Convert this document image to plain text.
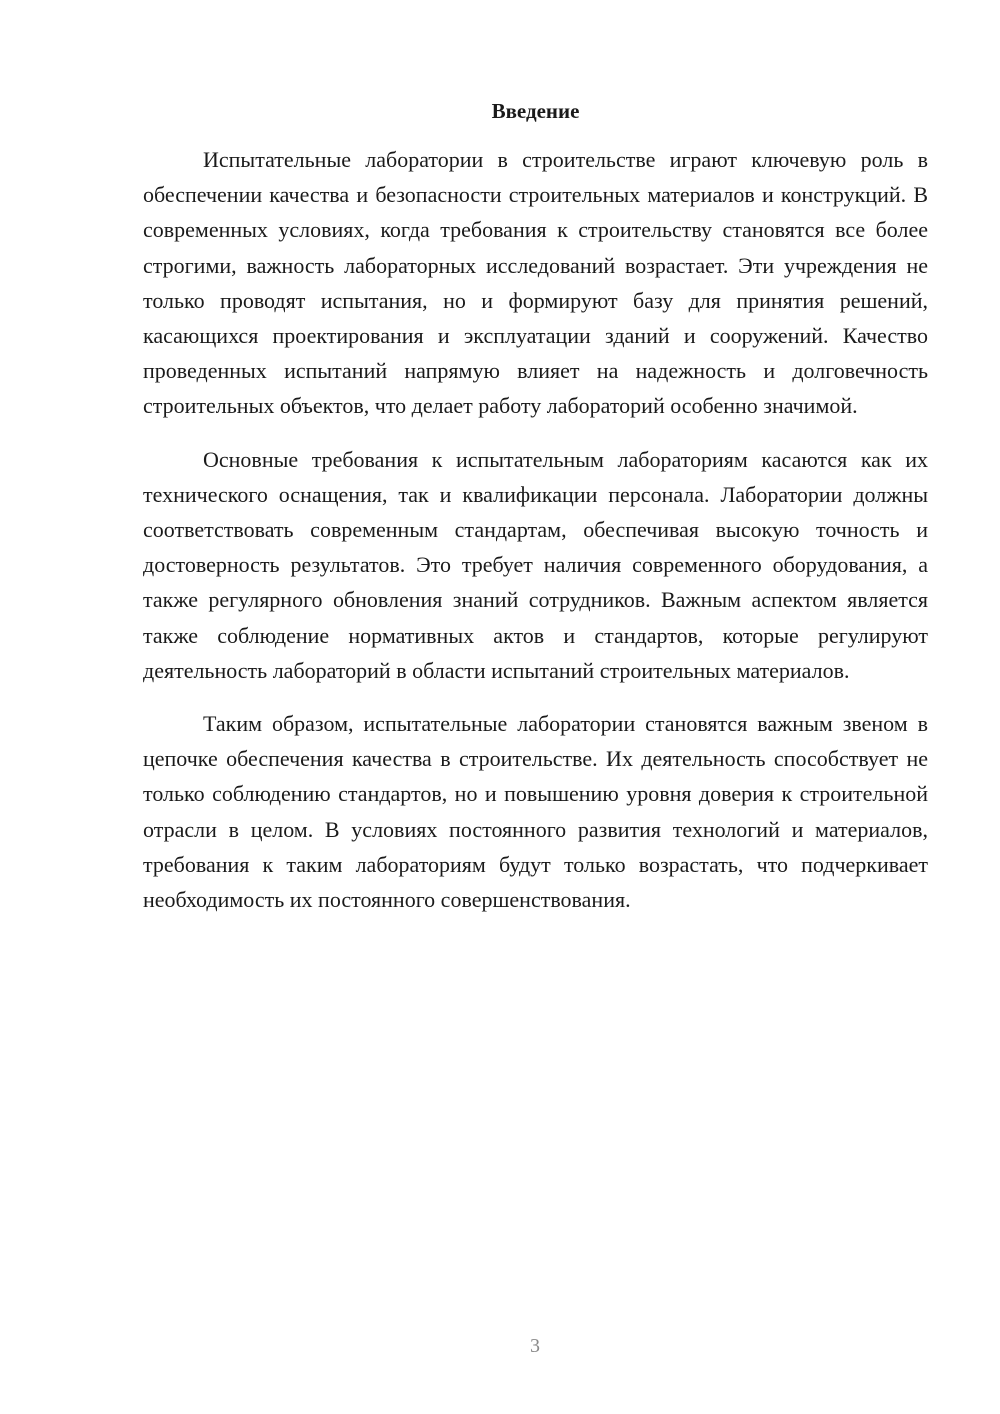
Введение

Испытательные лаборатории в строительстве играют ключевую роль в обеспечении качества и безопасности строительных материалов и конструкций. В современных условиях, когда требования к строительству становятся все более строгими, важность лабораторных исследований возрастает. Эти учреждения не только проводят испытания, но и формируют базу для принятия решений, касающихся проектирования и эксплуатации зданий и сооружений. Качество проведенных испытаний напрямую влияет на надежность и долговечность строительных объектов, что делает работу лабораторий особенно значимой.

Основные требования к испытательным лабораториям касаются как их технического оснащения, так и квалификации персонала. Лаборатории должны соответствовать современным стандартам, обеспечивая высокую точность и достоверность результатов. Это требует наличия современного оборудования, а также регулярного обновления знаний сотрудников. Важным аспектом является также соблюдение нормативных актов и стандартов, которые регулируют деятельность лабораторий в области испытаний строительных материалов.

Таким образом, испытательные лаборатории становятся важным звеном в цепочке обеспечения качества в строительстве. Их деятельность способствует не только соблюдению стандартов, но и повышению уровня доверия к строительной отрасли в целом. В условиях постоянного развития технологий и материалов, требования к таким лабораториям будут только возрастать, что подчеркивает необходимость их постоянного совершенствования.

3
